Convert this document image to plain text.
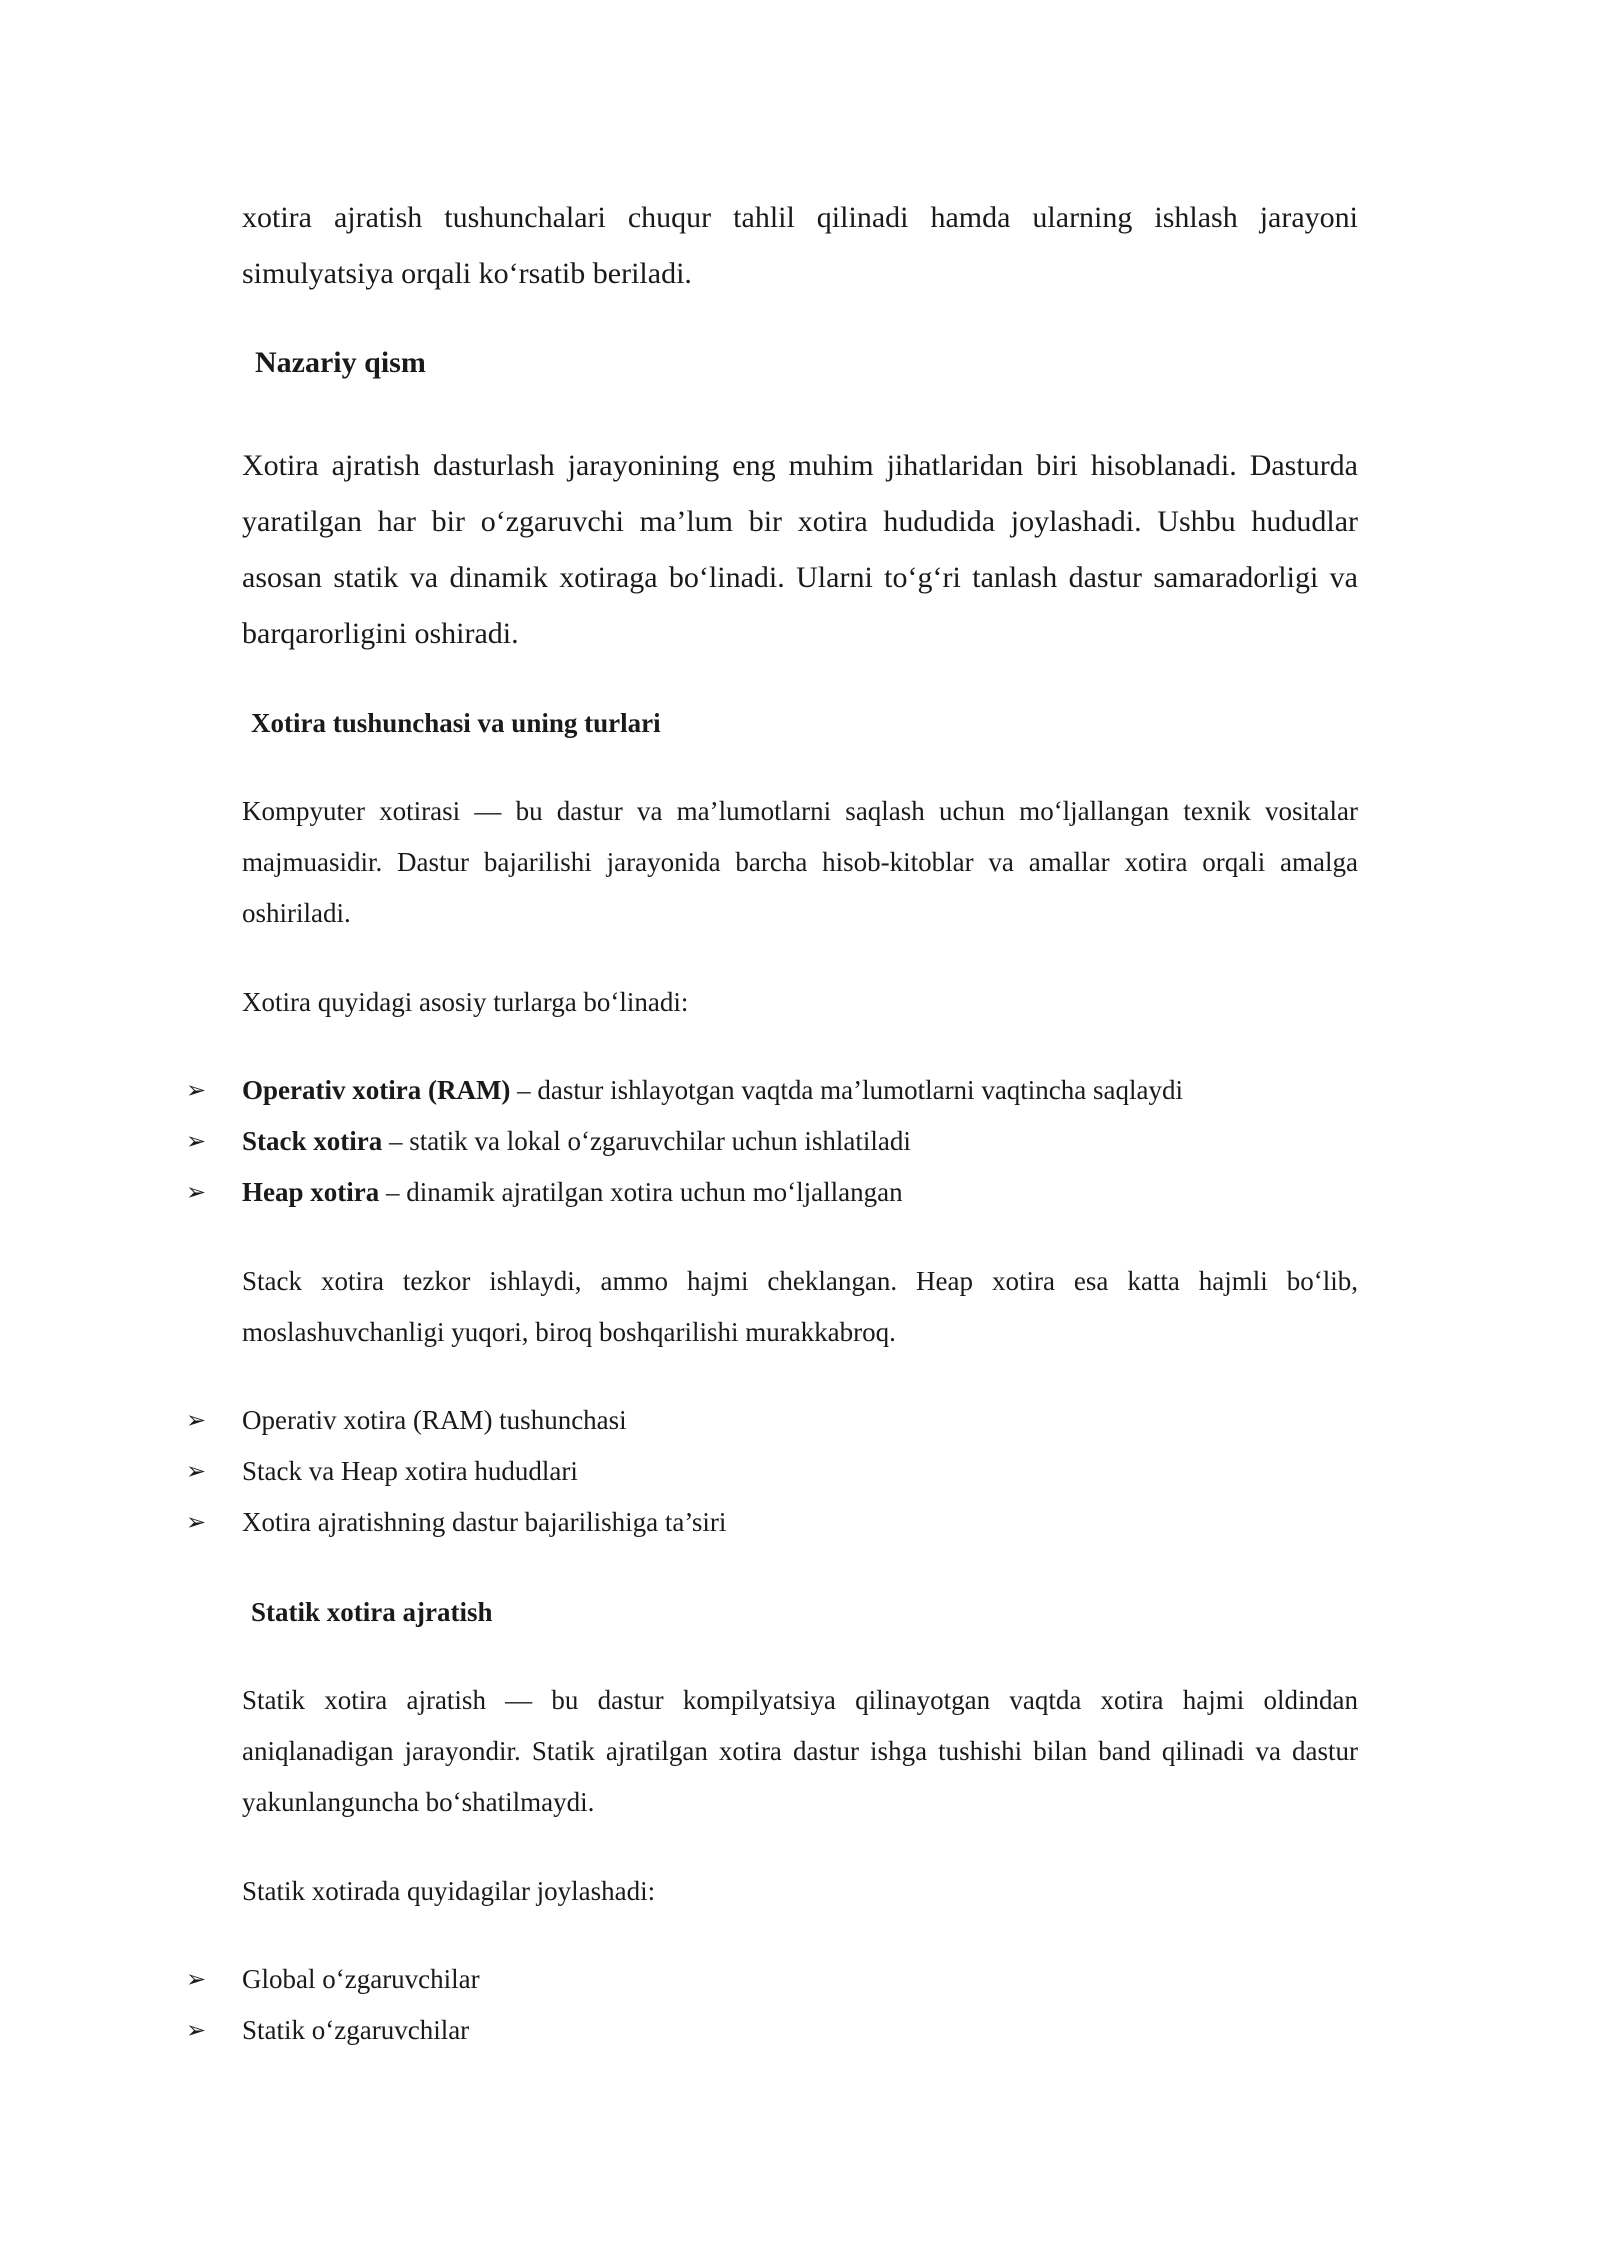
xotira ajratish tushunchalari chuqur tahlil qilinadi hamda ularning ishlash jarayoni simulyatsiya orqali ko‘rsatib beriladi.

Nazariy qism

Xotira ajratish dasturlash jarayonining eng muhim jihatlaridan biri hisoblanadi. Dasturda yaratilgan har bir o‘zgaruvchi ma’lum bir xotira hududida joylashadi. Ushbu hududlar asosan statik va dinamik xotiraga bo‘linadi. Ularni to‘g‘ri tanlash dastur samaradorligi va barqarorligini oshiradi.

Xotira tushunchasi va uning turlari

Kompyuter xotirasi — bu dastur va ma’lumotlarni saqlash uchun mo‘ljallangan texnik vositalar majmuasidir. Dastur bajarilishi jarayonida barcha hisob-kitoblar va amallar xotira orqali amalga oshiriladi.

Xotira quyidagi asosiy turlarga bo‘linadi:

➢ Operativ xotira (RAM) – dastur ishlayotgan vaqtda ma’lumotlarni vaqtincha saqlaydi
➢ Stack xotira – statik va lokal o‘zgaruvchilar uchun ishlatiladi
➢ Heap xotira – dinamik ajratilgan xotira uchun mo‘ljallangan

Stack xotira tezkor ishlaydi, ammo hajmi cheklangan. Heap xotira esa katta hajmli bo‘lib, moslashuvchanligi yuqori, biroq boshqarilishi murakkabroq.

➢ Operativ xotira (RAM) tushunchasi
➢ Stack va Heap xotira hududlari
➢ Xotira ajratishning dastur bajarilishiga ta’siri
Statik xotira ajratish

Statik xotira ajratish — bu dastur kompilyatsiya qilinayotgan vaqtda xotira hajmi oldindan aniqlanadigan jarayondir. Statik ajratilgan xotira dastur ishga tushishi bilan band qilinadi va dastur yakunlanguncha bo‘shatilmaydi.

Statik xotirada quyidagilar joylashadi:

➢ Global o‘zgaruvchilar
➢ Statik o‘zgaruvchilar
